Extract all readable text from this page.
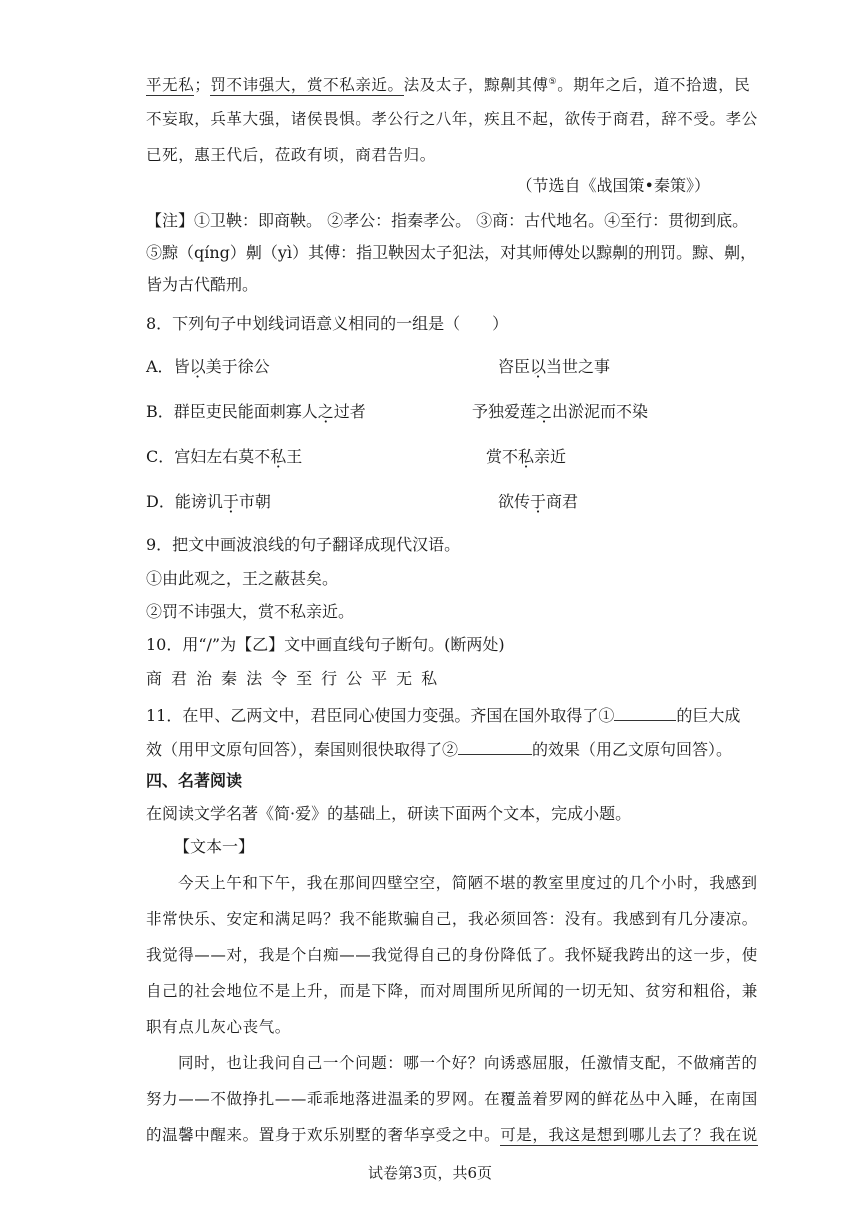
平无私；罚不讳强大，赏不私亲近。法及太子，黥劓其傅⑤。期年之后，道不拾遗，民
不妄取，兵革大强，诸侯畏惧。孝公行之八年，疾且不起，欲传于商君，辞不受。孝公
已死，惠王代后，莅政有顷，商君告归。
（节选自《战国策•秦策》）
【注】①卫鞅：即商鞅。 ②孝公：指秦孝公。 ③商：古代地名。④至行：贯彻到底。
⑤黥（qíng）劓（yì）其傅：指卫鞅因太子犯法，对其师傅处以黥劓的刑罚。黥、劓，
皆为古代酷刑。
8．下列句子中划线词语意义相同的一组是（　　）
A．皆以美于徐公	咨臣以当世之事
B．群臣吏民能面刺寡人之过者	予独爱莲之出淤泥而不染
C．宫妇左右莫不私王	赏不私亲近
D．能谤讥于市朝	欲传于商君
9．把文中画波浪线的句子翻译成现代汉语。
①由此观之，王之蔽甚矣。
②罚不讳强大，赏不私亲近。
10．用“/”为【乙】文中画直线句子断句。(断两处)
商 君 治 秦 法 令 至 行 公 平 无 私
11．在甲、乙两文中，君臣同心使国力变强。齐国在国外取得了①	的巨大成
效（用甲文原句回答），秦国则很快取得了②	的效果（用乙文原句回答）。
四、名著阅读
在阅读文学名著《简·爱》的基础上，研读下面两个文本，完成小题。
【文本一】
今天上午和下午，我在那间四壁空空，简陋不堪的教室里度过的几个小时，我感到
非常快乐、安定和满足吗？我不能欺骗自己，我必须回答：没有。我感到有几分凄凉。
我觉得——对，我是个白痴——我觉得自己的身份降低了。我怀疑我跨出的这一步，使
自己的社会地位不是上升，而是下降，而对周围所见所闻的一切无知、贫穷和粗俗，兼
职有点儿灰心丧气。
同时，也让我问自己一个问题：哪一个好？向诱惑屈服，任激情支配，不做痛苦的
努力——不做挣扎——乖乖地落进温柔的罗网。在覆盖着罗网的鲜花丛中入睡，在南国
的温馨中醒来。置身于欢乐别墅的奢华享受之中。可是，我这是想到哪儿去了？我在说
试卷第3页，共6页
